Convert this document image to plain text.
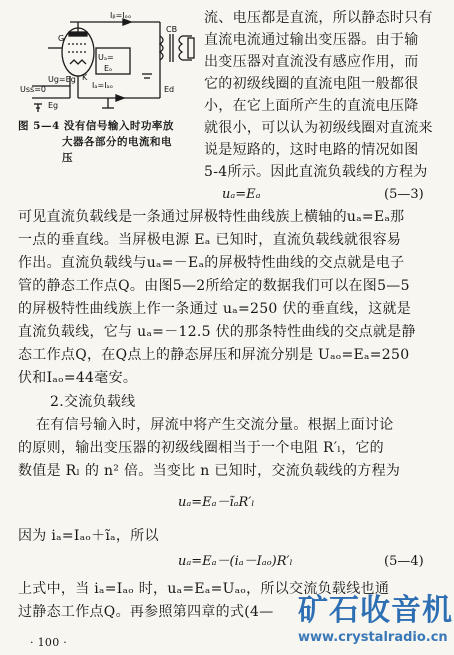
Iᵦ=Iₒₒ
G
Uₐ=
Eₒ
CB
Uss=0
Ug=Eg
Eg
Ed
Iₐ=Iₐₒ
K
图 5—4 没有信号输入时功率放
大器各部分的电流和电
压
流、电压都是直流，所以静态时只有
直流电流通过输出变压器。由于输
出变压器对直流没有感应作用，而
它的初级线圈的直流电阻一般都很
小，在它上面所产生的直流电压降
就很小，可以认为初级线圈对直流来
说是短路的，这时电路的情况如图
5-4所示。因此直流负载线的方程为
uₐ=Eₐ	(5—3)
可见直流负载线是一条通过屏极特性曲线族上横轴的uₐ=Eₐ那
一点的垂直线。当屏极电源 Eₐ 已知时，直流负载线就很容易
作出。直流负载线与uₐ=－Eₐ的屏极特性曲线的交点就是电子
管的静态工作点Q。由图5—2所给定的数据我们可以在图5—5
的屏极特性曲线族上作一条通过 uₐ=250 伏的垂直线，这就是
直流负载线，它与 uₐ=－12.5 伏的那条特性曲线的交点就是静
态工作点Q，在Q点上的静态屏压和屏流分别是 Uₐₒ=Eₐ=250
伏和Iₐₒ=44毫安。
2.交流负载线
在有信号输入时，屏流中将产生交流分量。根据上面讨论
的原则，输出变压器的初级线圈相当于一个电阻 R′ₗ，它的
数值是 Rₗ 的 n² 倍。当变比 n 已知时，交流负载线的方程为
uₐ=Eₐ－ĩₐR′ₗ
因为 iₐ=Iₐₒ＋ĩₐ，所以
uₐ=Eₐ－(iₐ－Iₐₒ)R′ₗ	(5—4)
上式中，当 iₐ=Iₐₒ 时，uₐ=Eₐ=Uₐₒ，所以交流负载线也通
过静态工作点Q。再参照第四章的式(4—
· 100 ·
矿石收音机
www.crystalradio.cn
